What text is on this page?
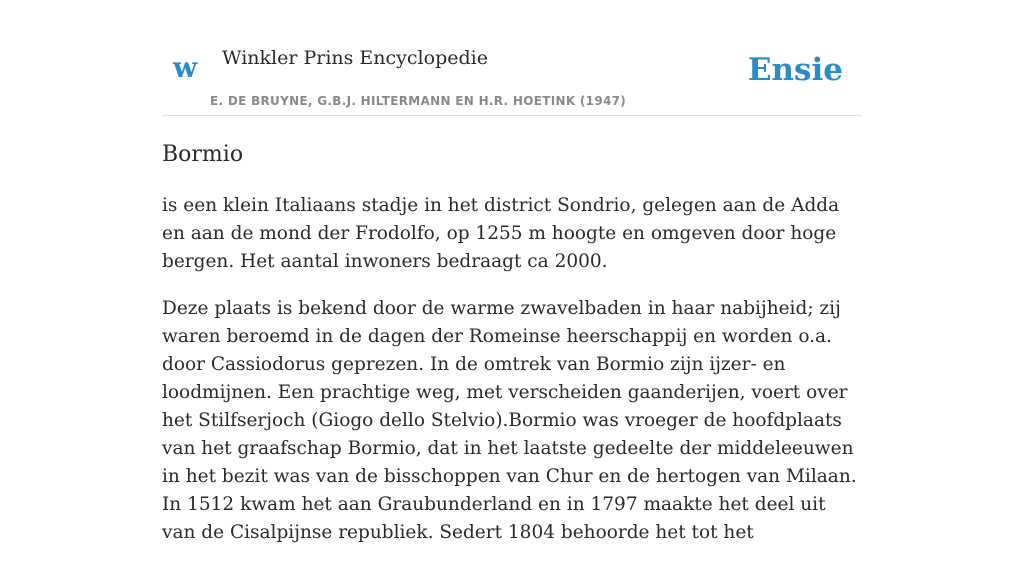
w Winkler Prins Encyclopedie
E. DE BRUYNE, G.B.J. HILTERMANN EN H.R. HOETINK (1947)
Ensie
Bormio

is een klein Italiaans stadje in het district Sondrio, gelegen aan de Adda en aan de mond der Frodolfo, op 1255 m hoogte en omgeven door hoge bergen. Het aantal inwoners bedraagt ca 2000.

Deze plaats is bekend door de warme zwavelbaden in haar nabijheid; zij waren beroemd in de dagen der Romeinse heerschappij en worden o.a. door Cassiodorus geprezen. In de omtrek van Bormio zijn ijzer- en loodmijnen. Een prachtige weg, met verscheiden gaanderijen, voert over het Stilfserjoch (Giogo dello Stelvio).Bormio was vroeger de hoofdplaats van het graafschap Bormio, dat in het laatste gedeelte der middeleeuwen in het bezit was van de bisschoppen van Chur en de hertogen van Milaan. In 1512 kwam het aan Graubunderland en in 1797 maakte het deel uit van de Cisalpijnse republiek. Sedert 1804 behoorde het tot het
